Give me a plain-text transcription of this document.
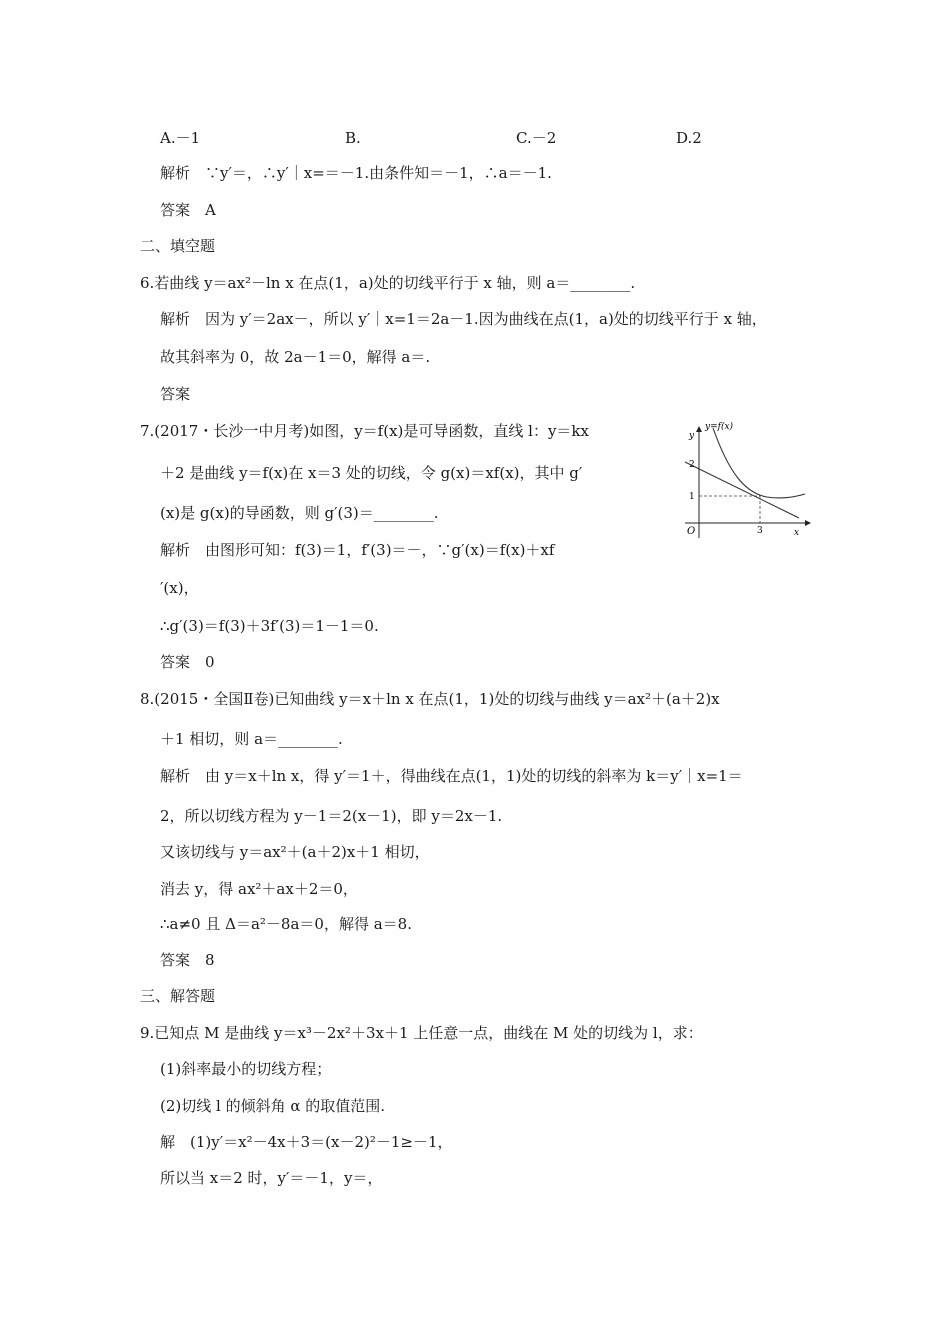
A.－1	B.	C.－2	D.2
解析　∵y′＝，∴y′｜x=＝－1.由条件知＝－1，∴a＝－1.
答案　A
二、填空题
6.若曲线 y＝ax²－ln x 在点(1，a)处的切线平行于 x 轴，则 a＝________.
解析　因为 y′＝2ax－，所以 y′｜x=1＝2a－1.因为曲线在点(1，a)处的切线平行于 x 轴，
故其斜率为 0，故 2a－1＝0，解得 a＝.
答案
7.(2017・长沙一中月考)如图，y＝f(x)是可导函数，直线 l：y＝kx
＋2 是曲线 y＝f(x)在 x＝3 处的切线，令 g(x)＝xf(x)，其中 g′
(x)是 g(x)的导函数，则 g′(3)＝________.
解析　由图形可知：f(3)＝1，f′(3)＝－，∵g′(x)＝f(x)＋xf
′(x)，
∴g′(3)＝f(3)＋3f′(3)＝1－1＝0.
答案　0
y=f(x)
y
x
O
2
1
3
8.(2015・全国Ⅱ卷)已知曲线 y＝x＋ln x 在点(1，1)处的切线与曲线 y＝ax²＋(a＋2)x
＋1 相切，则 a＝________.
解析　由 y＝x＋ln x，得 y′＝1＋，得曲线在点(1，1)处的切线的斜率为 k＝y′｜x=1＝
2，所以切线方程为 y－1＝2(x－1)，即 y＝2x－1.
又该切线与 y＝ax²＋(a＋2)x＋1 相切，
消去 y，得 ax²＋ax＋2＝0，
∴a≠0 且 Δ＝a²－8a＝0，解得 a＝8.
答案　8
三、解答题
9.已知点 M 是曲线 y＝x³－2x²＋3x＋1 上任意一点，曲线在 M 处的切线为 l，求：
(1)斜率最小的切线方程；
(2)切线 l 的倾斜角 α 的取值范围.
解　(1)y′＝x²－4x＋3＝(x－2)²－1≥－1，
所以当 x＝2 时，y′＝－1，y＝，
